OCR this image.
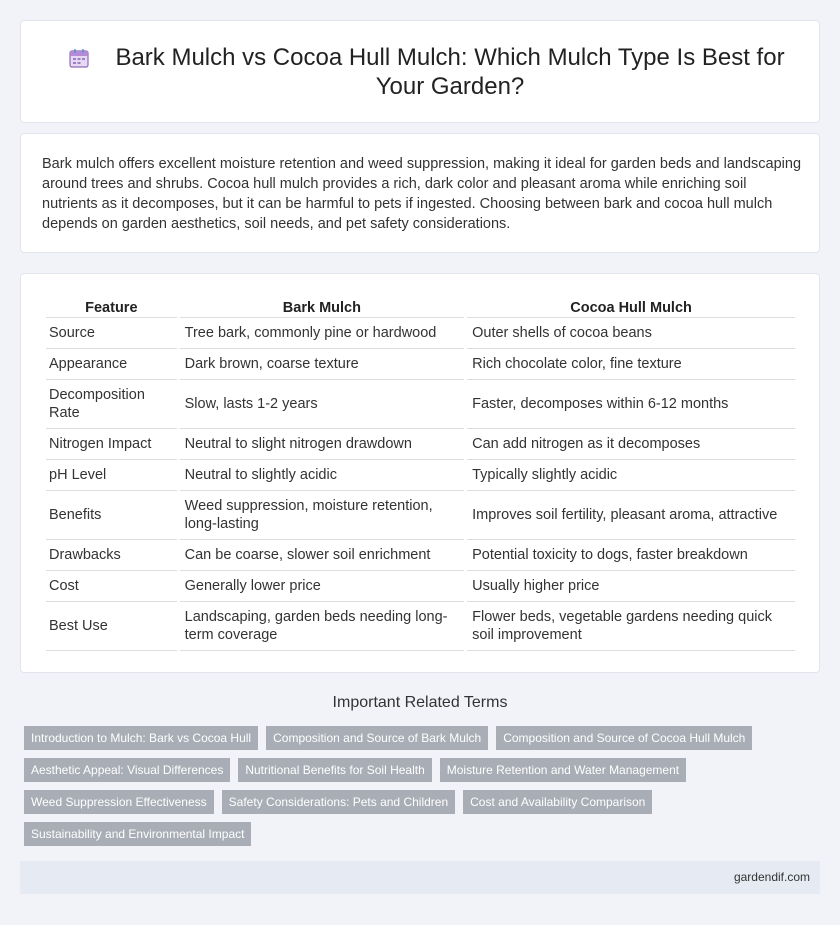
Bark Mulch vs Cocoa Hull Mulch: Which Mulch Type Is Best for Your Garden?

Bark mulch offers excellent moisture retention and weed suppression, making it ideal for garden beds and landscaping around trees and shrubs. Cocoa hull mulch provides a rich, dark color and pleasant aroma while enriching soil nutrients as it decomposes, but it can be harmful to pets if ingested. Choosing between bark and cocoa hull mulch depends on garden aesthetics, soil needs, and pet safety considerations.

Feature	Bark Mulch	Cocoa Hull Mulch
Source	Tree bark, commonly pine or hardwood	Outer shells of cocoa beans
Appearance	Dark brown, coarse texture	Rich chocolate color, fine texture
Decomposition Rate	Slow, lasts 1-2 years	Faster, decomposes within 6-12 months
Nitrogen Impact	Neutral to slight nitrogen drawdown	Can add nitrogen as it decomposes
pH Level	Neutral to slightly acidic	Typically slightly acidic
Benefits	Weed suppression, moisture retention, long-lasting	Improves soil fertility, pleasant aroma, attractive
Drawbacks	Can be coarse, slower soil enrichment	Potential toxicity to dogs, faster breakdown
Cost	Generally lower price	Usually higher price
Best Use	Landscaping, garden beds needing long-term coverage	Flower beds, vegetable gardens needing quick soil improvement
Important Related Terms
Introduction to Mulch: Bark vs Cocoa Hull	Composition and Source of Bark Mulch	Composition and Source of Cocoa Hull Mulch
Aesthetic Appeal: Visual Differences	Nutritional Benefits for Soil Health	Moisture Retention and Water Management
Weed Suppression Effectiveness	Safety Considerations: Pets and Children	Cost and Availability Comparison
Sustainability and Environmental Impact
gardendif.com
